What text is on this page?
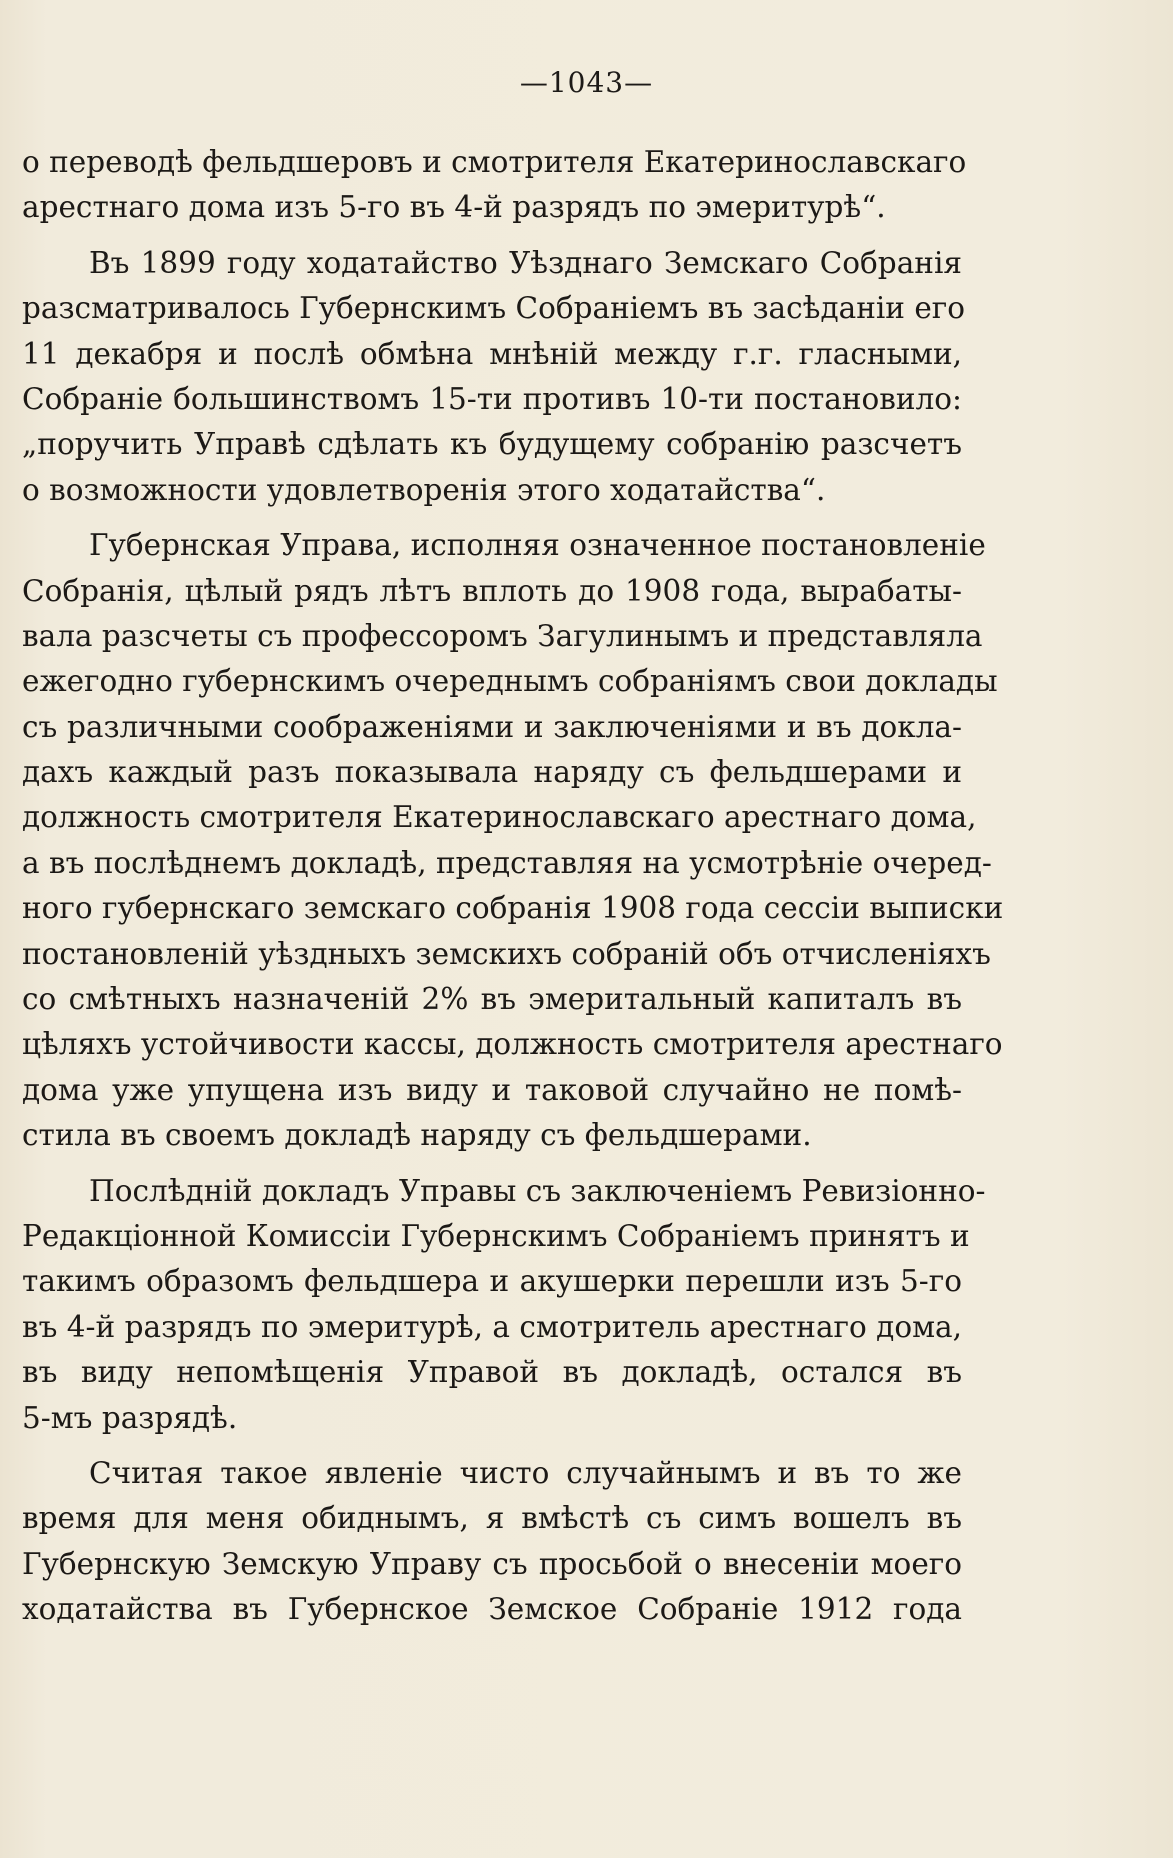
—1043—
о переводѣ фельдшеровъ и смотрителя Екатеринославскаго
арестнаго дома изъ 5-го въ 4-й разрядъ по эмеритурѣ“.
Въ 1899 году ходатайство Уѣзднаго Земскаго Собранія
разсматривалось Губернскимъ Собраніемъ въ засѣданіи его
11 декабря и послѣ обмѣна мнѣній между г.г. гласными,
Собраніе большинствомъ 15-ти противъ 10-ти постановило:
„поручить Управѣ сдѣлать къ будущему собранію разсчетъ
о возможности удовлетворенія этого ходатайства“.
Губернская Управа, исполняя означенное постановленіе
Собранія, цѣлый рядъ лѣтъ вплоть до 1908 года, вырабаты-
вала разсчеты съ профессоромъ Загулинымъ и представляла
ежегодно губернскимъ очереднымъ собраніямъ свои доклады
съ различными соображеніями и заключеніями и въ докла-
дахъ каждый разъ показывала наряду съ фельдшерами и
должность смотрителя Екатеринославскаго арестнаго дома,
а въ послѣднемъ докладѣ, представляя на усмотрѣніе очеред-
ного губернскаго земскаго собранія 1908 года сессіи выписки
постановленій уѣздныхъ земскихъ собраній объ отчисленіяхъ
со смѣтныхъ назначеній 2% въ эмеритальный капиталъ въ
цѣляхъ устойчивости кассы, должность смотрителя арестнаго
дома уже упущена изъ виду и таковой случайно не помѣ-
стила въ своемъ докладѣ наряду съ фельдшерами.
Послѣдній докладъ Управы съ заключеніемъ Ревизіонно-
Редакціонной Комиссіи Губернскимъ Собраніемъ принятъ и
такимъ образомъ фельдшера и акушерки перешли изъ 5-го
въ 4-й разрядъ по эмеритурѣ, а смотритель арестнаго дома,
въ виду непомѣщенія Управой въ докладѣ, остался въ
5-мъ разрядѣ.
Считая такое явленіе чисто случайнымъ и въ то же
время для меня обиднымъ, я вмѣстѣ съ симъ вошелъ въ
Губернскую Земскую Управу съ просьбой о внесеніи моего
ходатайства въ Губернское Земское Собраніе 1912 года
